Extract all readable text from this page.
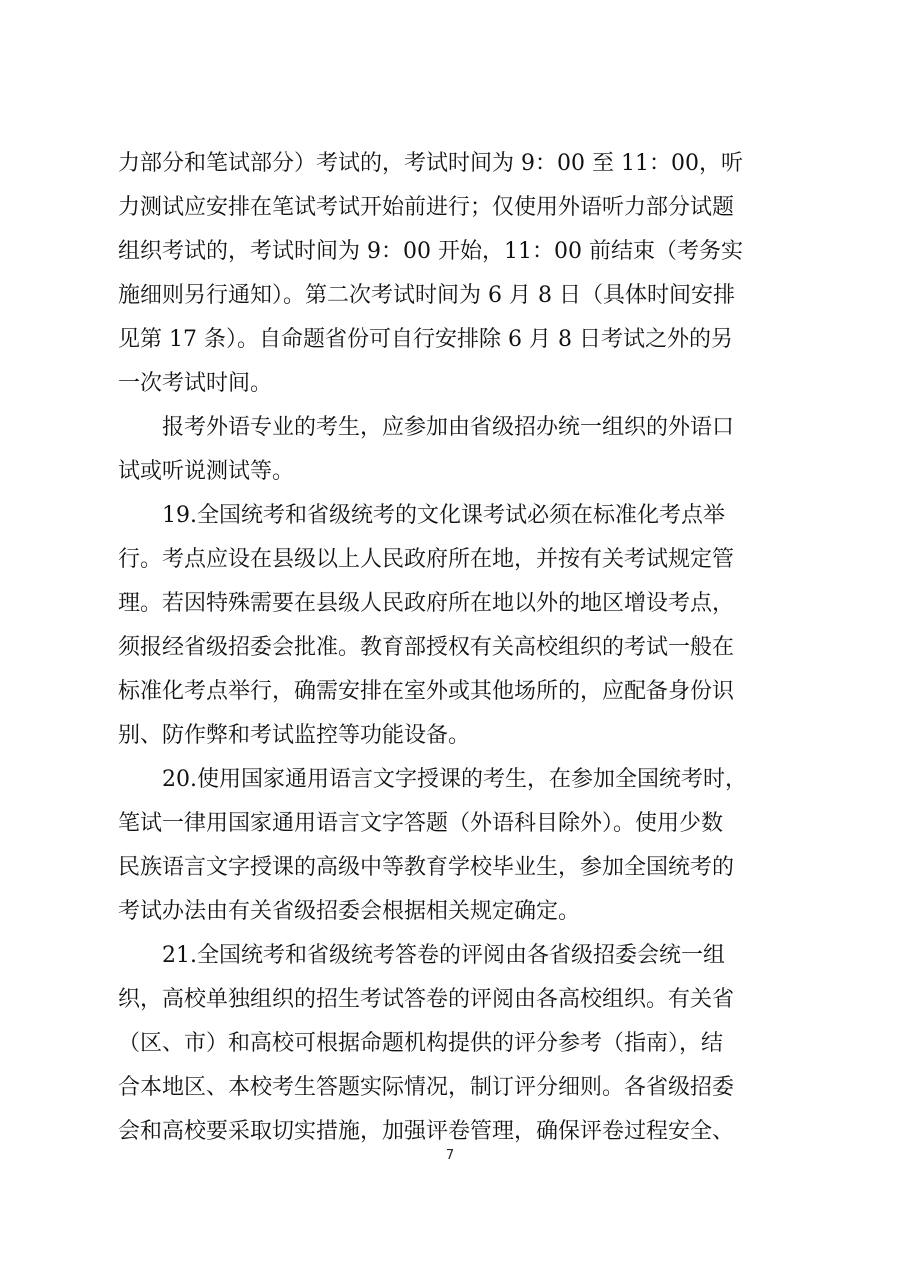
力部分和笔试部分）考试的，考试时间为 9：00 至 11：00，听
力测试应安排在笔试考试开始前进行；仅使用外语听力部分试题
组织考试的，考试时间为 9：00 开始，11：00 前结束（考务实
施细则另行通知）。第二次考试时间为 6 月 8 日（具体时间安排
见第 17 条）。自命题省份可自行安排除 6 月 8 日考试之外的另
一次考试时间。
报考外语专业的考生，应参加由省级招办统一组织的外语口
试或听说测试等。
19.全国统考和省级统考的文化课考试必须在标准化考点举
行。考点应设在县级以上人民政府所在地，并按有关考试规定管
理。若因特殊需要在县级人民政府所在地以外的地区增设考点，
须报经省级招委会批准。教育部授权有关高校组织的考试一般在
标准化考点举行，确需安排在室外或其他场所的，应配备身份识
别、防作弊和考试监控等功能设备。
20.使用国家通用语言文字授课的考生，在参加全国统考时，
笔试一律用国家通用语言文字答题（外语科目除外）。使用少数
民族语言文字授课的高级中等教育学校毕业生，参加全国统考的
考试办法由有关省级招委会根据相关规定确定。
21.全国统考和省级统考答卷的评阅由各省级招委会统一组
织，高校单独组织的招生考试答卷的评阅由各高校组织。有关省
（区、市）和高校可根据命题机构提供的评分参考（指南），结
合本地区、本校考生答题实际情况，制订评分细则。各省级招委
会和高校要采取切实措施，加强评卷管理，确保评卷过程安全、
7
